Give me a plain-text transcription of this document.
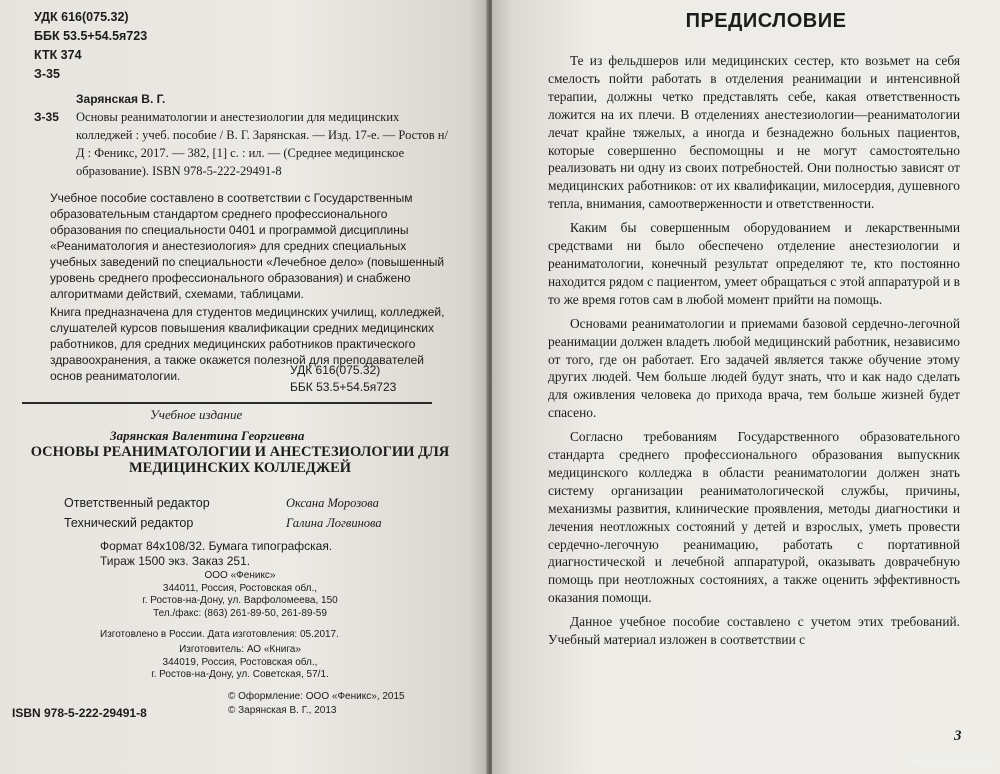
УДК 616(075.32)
ББК 53.5+54.5я723
КТК 374
З-35
Зарянская В. Г.
З-35 Основы реаниматологии и анестезиологии для медицинских колледжей : учеб. пособие / В. Г. Зарянская. — Изд. 17-е. — Ростов н/Д : Феникс, 2017. — 382, [1] с. : ил. — (Среднее медицинское образование). ISBN 978-5-222-29491-8

Учебное пособие составлено в соответствии с Государственным образовательным стандартом среднего профессионального образования по специальности 0401 и программой дисциплины «Реаниматология и анестезиология» для средних специальных учебных заведений по специальности «Лечебное дело» (повышенный уровень среднего профессионального образования) и снабжено алгоритмами действий, схемами, таблицами.

Книга предназначена для студентов медицинских училищ, колледжей, слушателей курсов повышения квалификации средних медицинских работников, для средних медицинских работников практического здравоохранения, а также окажется полезной для преподавателей основ реаниматологии.	УДК 616(075.32)
ББК 53.5+54.5я723
Учебное издание
Зарянская Валентина Георгиевна
ОСНОВЫ РЕАНИМАТОЛОГИИ И АНЕСТЕЗИОЛОГИИ ДЛЯ МЕДИЦИНСКИХ КОЛЛЕДЖЕЙ
Ответственный редактор	Оксана Морозова
Технический редактор	Галина Логвинова
Формат 84х108/32. Бумага типографская.
Тираж 1500 экз. Заказ 251.
ООО «Феникс»
344011, Россия, Ростовская обл.,
г. Ростов-на-Дону, ул. Варфоломеева, 150
Тел./факс: (863) 261-89-50, 261-89-59
Изготовлено в России. Дата изготовления: 05.2017.
Изготовитель: АО «Книга»
344019, Россия, Ростовская обл.,
г. Ростов-на-Дону, ул. Советская, 57/1.
© Оформление: ООО «Феникс», 2015
© Зарянская В. Г., 2013
ISBN 978-5-222-29491-8
ПРЕДИСЛОВИЕ

Те из фельдшеров или медицинских сестер, кто возьмет на себя смелость пойти работать в отделения реанимации и интенсивной терапии, должны четко представлять себе, какая ответственность ложится на их плечи. В отделениях анестезиологии—реаниматологии лечат крайне тяжелых, а иногда и безнадежно больных пациентов, которые совершенно беспомощны и не могут самостоятельно реализовать ни одну из своих потребностей. Они полностью зависят от медицинских работников: от их квалификации, милосердия, душевного тепла, внимания, самоотверженности и ответственности.

Каким бы совершенным оборудованием и лекарственными средствами ни было обеспечено отделение анестезиологии и реаниматологии, конечный результат определяют те, кто постоянно находится рядом с пациентом, умеет обращаться с этой аппаратурой и в то же время готов сам в любой момент прийти на помощь.

Основами реаниматологии и приемами базовой сердечно-легочной реанимации должен владеть любой медицинский работник, независимо от того, где он работает. Его задачей является также обучение этому других людей. Чем больше людей будут знать, что и как надо сделать для оживления человека до прихода врача, тем больше жизней будет спасено.

Согласно требованиям Государственного образовательного стандарта среднего профессионального образования выпускник медицинского колледжа в области реаниматологии должен знать систему организации реаниматологической службы, причины, механизмы развития, клинические проявления, методы диагностики и лечения неотложных состояний у детей и взрослых, уметь провести сердечно-легочную реанимацию, работать с портативной диагностической и лечебной аппаратурой, оказывать доврачебную помощь при неотложных состояниях, а также оценить эффективность оказания помощи.

Данное учебное пособие составлено с учетом этих требований. Учебный материал изложен в соответствии с

3
www.meshok.net
